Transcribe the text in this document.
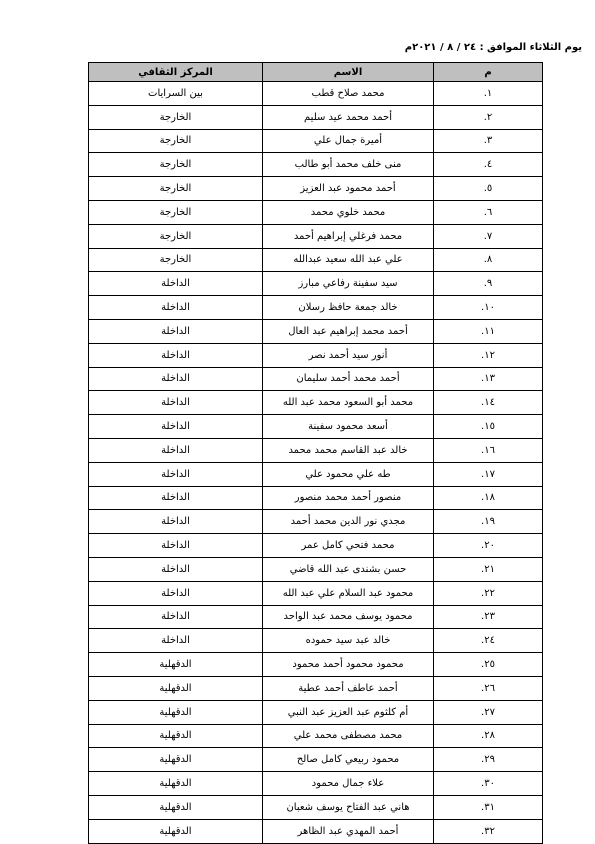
يوم الثلاثاء الموافق : ٢٤ / ٨ / ٢٠٢١م
م	الاسم	المركز الثقافي
١.	محمد صلاح قطب	بين السرايات
٢.	أحمد محمد عيد سليم	الخارجة
٣.	أميرة جمال علي	الخارجة
٤.	منى خلف محمد أبو طالب	الخارجة
٥.	أحمد محمود عبد العزيز	الخارجة
٦.	محمد خلوي محمد	الخارجة
٧.	محمد فرغلي إبراهيم أحمد	الخارجة
٨.	علي عبد الله سعيد عبدالله	الخارجة
٩.	سيد سفينة رفاعي مبارز	الداخلة
١٠.	خالد جمعة حافظ رسلان	الداخلة
١١.	أحمد محمد إبراهيم عبد العال	الداخلة
١٢.	أنور سيد أحمد نصر	الداخلة
١٣.	أحمد محمد أحمد سليمان	الداخلة
١٤.	محمد أبو السعود محمد عبد الله	الداخلة
١٥.	أسعد محمود سفينة	الداخلة
١٦.	خالد عبد القاسم محمد محمد	الداخلة
١٧.	طه علي محمود علي	الداخلة
١٨.	منصور أحمد محمد منصور	الداخلة
١٩.	مجدي نور الدين محمد أحمد	الداخلة
٢٠.	محمد فتحي كامل عمر	الداخلة
٢١.	حسن بشندى عبد الله قاضي	الداخلة
٢٢.	محمود عبد السلام علي عبد الله	الداخلة
٢٣.	محمود يوسف محمد عبد الواحد	الداخلة
٢٤.	خالد عبد سيد حموده	الداخلة
٢٥.	محمود محمود أحمد محمود	الدقهلية
٢٦.	أحمد عاطف أحمد عطية	الدقهلية
٢٧.	أم كلثوم عبد العزيز عبد النبي	الدقهلية
٢٨.	محمد مصطفى محمد علي	الدقهلية
٢٩.	محمود ربيعي كامل صالح	الدقهلية
٣٠.	علاء جمال محمود	الدقهلية
٣١.	هاني عبد الفتاح يوسف شعبان	الدقهلية
٣٢.	أحمد المهدي عبد الظاهر	الدقهلية
